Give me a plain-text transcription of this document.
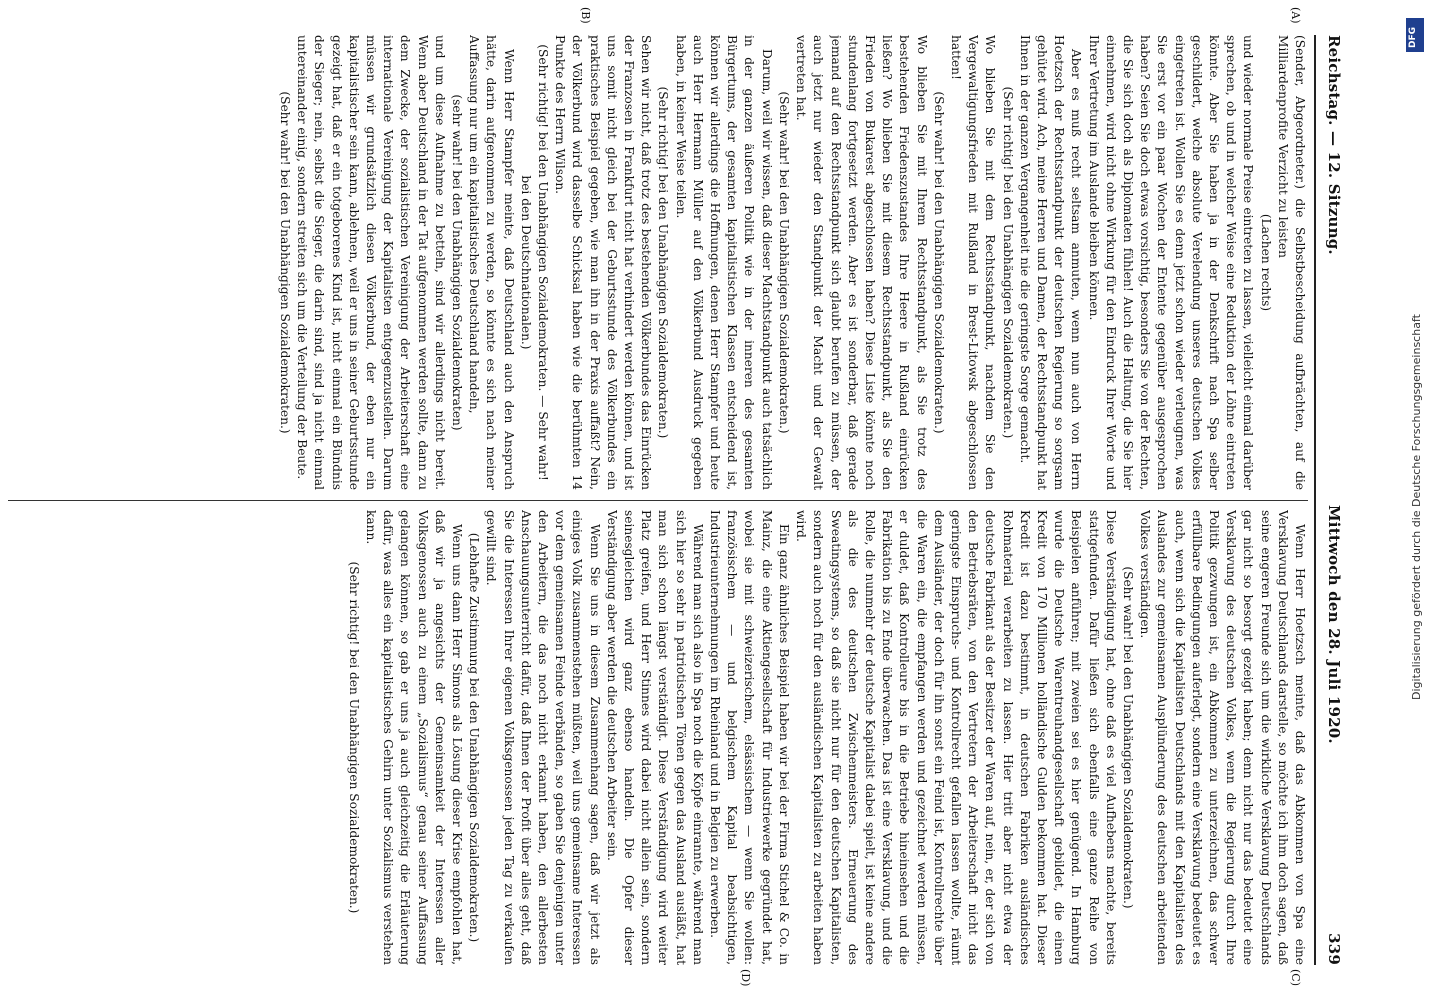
Reichstag. — 12. Sitzung.
Mittwoch den 28. Juli 1920.
339
(A)
(B)
(C)
(D)

(Sender, Abgeordneter.) die Selbstbescheidung aufbrächten, auf die Milliardenprofite Verzicht zu leisten

(Lachen rechts)

und wieder normale Preise eintreten zu lassen, vielleicht einmal darüber sprechen, ob und in welcher Weise eine Reduktion der Löhne eintreten könnte. Aber Sie haben ja in der Denkschrift nach Spa selber geschildert, welche absolute Verelendung unseres deutschen Volkes eingetreten ist. Wollen Sie es denn jetzt schon wieder verleugnen, was Sie erst vor ein paar Wochen der Entente gegenüber ausgesprochen haben? Seien Sie doch etwas vorsichtig, besonders Sie von der Rechten, die Sie sich doch als Diplomaten fühlen! Auch die Haltung, die Sie hier einnehmen, wird nicht ohne Wirkung für den Eindruck Ihrer Worte und Ihrer Vertretung im Auslande bleiben können.

Aber es muß recht seltsam anmuten, wenn nun auch von Herrn Hoetzsch der Rechtsstandpunkt der deutschen Regierung so sorgsam gehütet wird. Ach, meine Herren und Damen, der Rechtsstandpunkt hat Ihnen in der ganzen Vergangenheit nie die geringste Sorge gemacht.

(Sehr richtig! bei den Unabhängigen Sozialdemokraten.)

Wo blieben Sie mit dem Rechtsstandpunkt, nachdem Sie den Vergewaltigungsfrieden mit Rußland in Brest-Litowsk abgeschlossen hatten!

(Sehr wahr! bei den Unabhängigen Sozialdemokraten.)

Wo blieben Sie mit Ihrem Rechtsstandpunkt, als Sie trotz des bestehenden Friedenszustandes Ihre Heere in Rußland einrücken ließen? Wo blieben Sie mit diesem Rechtsstandpunkt, als Sie den Frieden von Bukarest abgeschlossen haben? Diese Liste könnte noch stundenlang fortgesetzt werden. Aber es ist sonderbar, daß gerade jemand auf den Rechtsstandpunkt sich glaubt berufen zu müssen, der auch jetzt nur wieder den Standpunkt der Macht und der Gewalt vertreten hat.

(Sehr wahr! bei den Unabhängigen Sozialdemokraten.)

Darum, weil wir wissen, daß dieser Machtstandpunkt auch tatsächlich in der ganzen äußeren Politik wie in der inneren des gesamten Bürgertums, der gesamten kapitalistischen Klassen entscheidend ist, können wir allerdings die Hoffnungen, denen Herr Stampfer und heute auch Herr Hermann Müller auf den Völkerbund Ausdruck gegeben haben, in keiner Weise teilen.

(Sehr richtig! bei den Unabhängigen Sozialdemokraten.)

Sehen wir nicht, daß trotz des bestehenden Völkerbundes das Einrücken der Franzosen in Frankfurt nicht hat verhindert werden können, und ist uns somit nicht gleich bei der Geburtsstunde des Völkerbundes ein praktisches Beispiel gegeben, wie man ihn in der Praxis auffaßt? Nein, der Völkerbund wird dasselbe Schicksal haben wie die berühmten 14 Punkte des Herrn Wilson.

(Sehr richtig! bei den Unabhängigen Sozialdemokraten. — Sehr wahr! bei den Deutschnationalen.)

Wenn Herr Stampfer meinte, daß Deutschland auch den Anspruch hätte, darin aufgenommen zu werden, so könnte es sich nach meiner Auffassung nur um ein kapitalistisches Deutschland handeln,

(sehr wahr! bei den Unabhängigen Sozialdemokraten)

und um diese Aufnahme zu betteln, sind wir allerdings nicht bereit. Wenn aber Deutschland in der Tat aufgenommen werden sollte, dann zu dem Zwecke, der sozialistischen Vereinigung der Arbeiterschaft eine internationale Vereinigung der Kapitalisten entgegenzustellen. Darum müssen wir grundsätzlich diesen Völkerbund, der eben nur ein kapitalistischer sein kann, ablehnen, weil er uns in seiner Geburtsstunde gezeigt hat, daß er ein totgeborenes Kind ist, nicht einmal ein Bündnis der Sieger; nein, selbst die Sieger, die darin sind, sind ja nicht einmal untereinander einig, sondern streiten sich um die Verteilung der Beute.

(Sehr wahr! bei den Unabhängigen Sozialdemokraten.)

Wenn Herr Hoetzsch meinte, daß das Abkommen von Spa eine Versklavung Deutschlands darstelle, so möchte ich ihm doch sagen, daß seine engeren Freunde sich um die wirkliche Versklavung Deutschlands gar nicht so besorgt gezeigt haben; denn nicht nur das bedeutet eine Versklavung des deutschen Volkes, wenn die Regierung durch Ihre Politik gezwungen ist, ein Abkommen zu unterzeichnen, das schwer erfüllbare Bedingungen auferlegt, sondern eine Versklavung bedeutet es auch, wenn sich die Kapitalisten Deutschlands mit den Kapitalisten des Auslandes zur gemeinsamen Ausplünderung des deutschen arbeitenden Volkes verständigen.

(Sehr wahr! bei den Unabhängigen Sozialdemokraten.)

Diese Verständigung hat, ohne daß es viel Aufhebens machte, bereits stattgefunden. Dafür ließen sich ebenfalls eine ganze Reihe von Beispielen anführen; mit zweien sei es hier genügend. In Hamburg wurde die Deutsche Warentreuhandgesellschaft gebildet, die einen Kredit von 170 Millionen holländische Gulden bekommen hat. Dieser Kredit ist dazu bestimmt, in deutschen Fabriken ausländisches Rohmaterial verarbeiten zu lassen. Hier tritt aber nicht etwa der deutsche Fabrikant als der Besitzer der Waren auf, nein, er, der sich von den Betriebsräten, von den Vertretern der Arbeiterschaft nicht das geringste Einspruchs- und Kontrollrecht gefallen lassen wollte, räumt dem Ausländer, der doch für ihn sonst ein Feind ist, Kontrollrechte über die Waren ein, die empfangen werden und gezeichnet werden müssen, er duldet, daß Kontrolleure bis in die Betriebe hineinsehen und die Fabrikation bis zu Ende überwachen. Das ist eine Versklavung, und die Rolle, die nunmehr der deutsche Kapitalist dabei spielt, ist keine andere als die des deutschen Zwischenmeisters. Erneuerung des Sweatingsystems, so daß sie nicht nur für den deutschen Kapitalisten, sondern auch noch für den ausländischen Kapitalisten zu arbeiten haben wird.

Ein ganz ähnliches Beispiel haben wir bei der Firma Stichel & Co. in Mainz, die eine Aktiengesellschaft für Industriewerke gegründet hat, wobei sie mit schweizerischem, elsässischem — wenn Sie wollen: französischem — und belgischem Kapital beabsichtigen, Industrieunternehmungen im Rheinland und in Belgien zu erwerben.

Während man sich also in Spa noch die Köpfe einrannte, während man sich hier so sehr in patriotischen Tönen gegen das Ausland ausläßt, hat man sich schon längst verständigt. Diese Verständigung wird weiter Platz greifen, und Herr Stinnes wird dabei nicht allein sein, sondern seinesgleichen wird ganz ebenso handeln. Die Opfer dieser Verständigung aber werden die deutschen Arbeiter sein.

Wenn Sie uns in diesem Zusammenhang sagen, daß wir jetzt als einiges Volk zusammenstehen müßten, weil uns gemeinsame Interessen vor dem gemeinsamen Feinde verbänden, so gaben Sie denjenigen unter den Arbeitern, die das noch nicht erkannt haben, den allerbesten Anschauungsunterricht dafür, daß Ihnen der Profit über alles geht, daß Sie die Interessen Ihrer eigenen Volksgenossen jeden Tag zu verkaufen gewillt sind.

(Lebhafte Zustimmung bei den Unabhängigen Sozialdemokraten.)

Wenn uns dann Herr Simons als Lösung dieser Krise empfohlen hat, daß wir ja angesichts der Gemeinsamkeit der Interessen aller Volksgenossen auch zu einem „Sozialismus“ genau seiner Auffassung gelangen können, so gab er uns ja auch gleichzeitig die Erläuterung dafür, was alles ein kapitalistisches Gehirn unter Sozialismus verstehen kann.

(Sehr richtig! bei den Unabhängigen Sozialdemokraten.)

DFG
Digitalisierung gefördert durch die Deutsche Forschungsgemeinschaft
